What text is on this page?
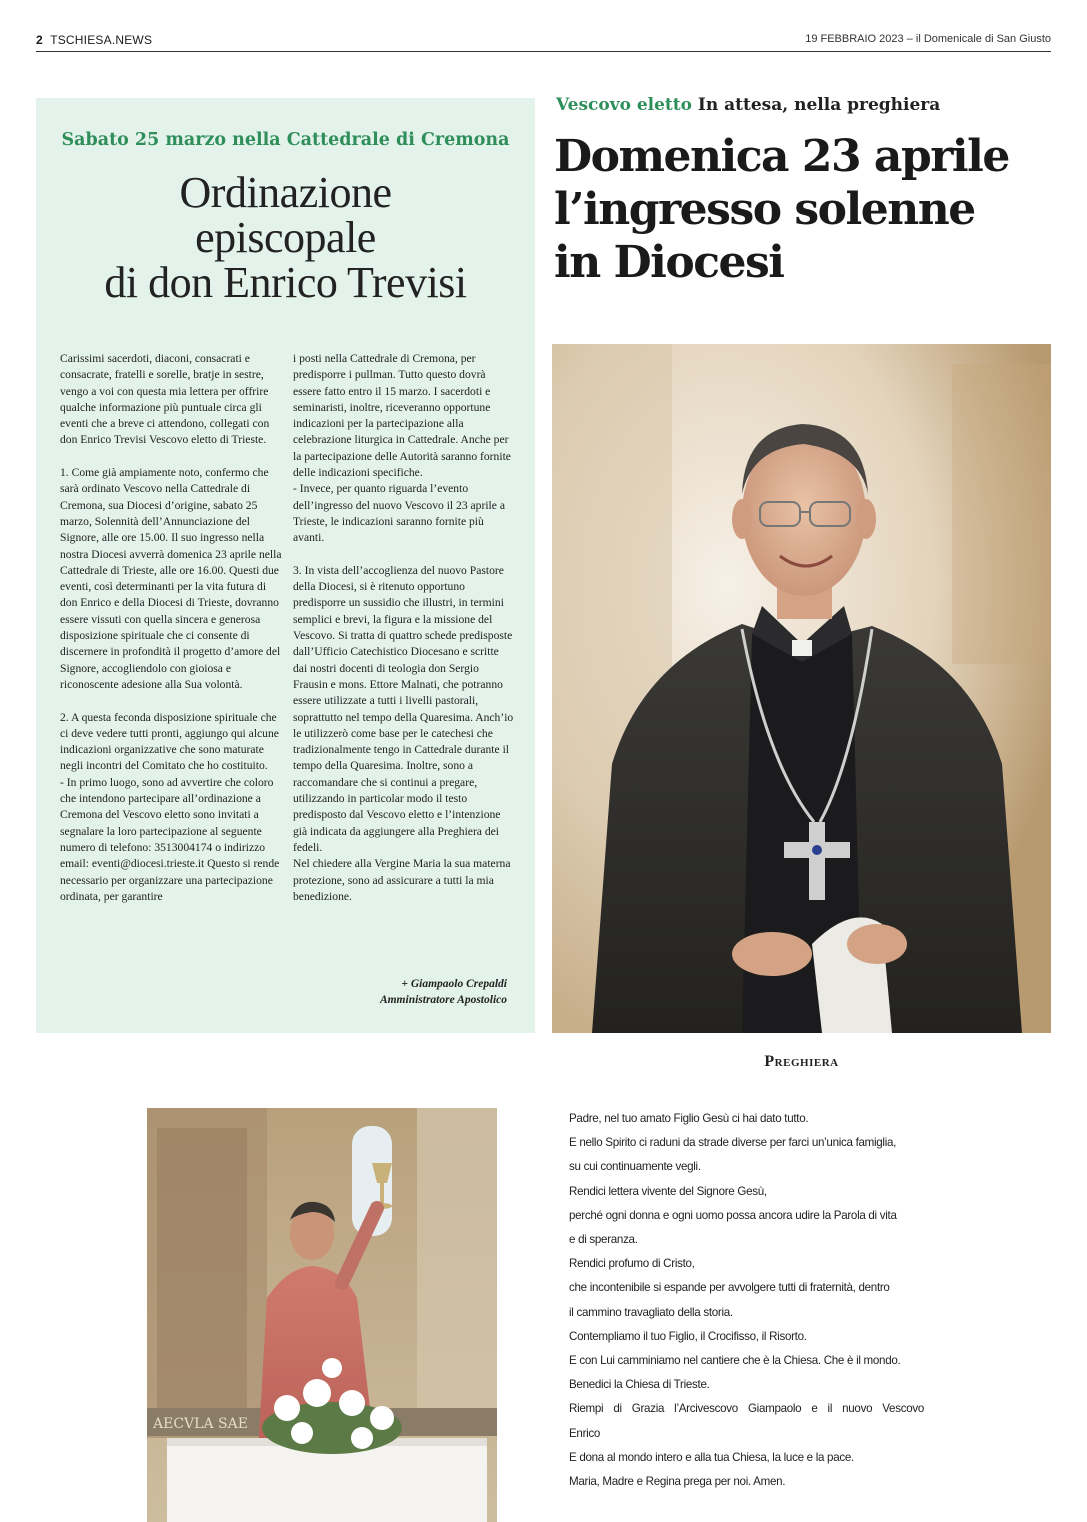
2 TSCHIESA.NEWS	19 FEBBRAIO 2023 – il Domenicale di San Giusto
Sabato 25 marzo nella Cattedrale di Cremona
Ordinazione
episcopale
di don Enrico Trevisi

Carissimi sacerdoti, diaconi, consacrati e consacrate, fratelli e sorelle, bratje in sestre, vengo a voi con questa mia lettera per offrire qualche informazione più puntuale circa gli eventi che a breve ci attendono, collegati con don Enrico Trevisi Vescovo eletto di Trieste.

1. Come già ampiamente noto, confermo che sarà ordinato Vescovo nella Cattedrale di Cremona, sua Diocesi d’origine, sabato 25 marzo, Solennità dell’Annunciazione del Signore, alle ore 15.00. Il suo ingresso nella nostra Diocesi avverrà domenica 23 aprile nella Cattedrale di Trieste, alle ore 16.00. Questi due eventi, così determinanti per la vita futura di don Enrico e della Diocesi di Trieste, dovranno essere vissuti con quella sincera e generosa disposizione spirituale che ci consente di discernere in profondità il progetto d’amore del Signore, accogliendolo con gioiosa e riconoscente adesione alla Sua volontà.

2. A questa feconda disposizione spirituale che ci deve vedere tutti pronti, aggiungo qui alcune indicazioni organizzative che sono maturate negli incontri del Comitato che ho costituito.
- In primo luogo, sono ad avvertire che coloro che intendono partecipare all’ordinazione a Cremona del Vescovo eletto sono invitati a segnalare la loro partecipazione al seguente numero di telefono: 3513004174 o indirizzo email: eventi@diocesi.trieste.it Questo si rende necessario per organizzare una partecipazione ordinata, per garantire

i posti nella Cattedrale di Cremona, per predisporre i pullman. Tutto questo dovrà essere fatto entro il 15 marzo. I sacerdoti e seminaristi, inoltre, riceveranno opportune indicazioni per la partecipazione alla celebrazione liturgica in Cattedrale. Anche per la partecipazione delle Autorità saranno fornite delle indicazioni specifiche.
- Invece, per quanto riguarda l’evento dell’ingresso del nuovo Vescovo il 23 aprile a Trieste, le indicazioni saranno fornite più avanti.

3. In vista dell’accoglienza del nuovo Pastore della Diocesi, si è ritenuto opportuno predisporre un sussidio che illustri, in termini semplici e brevi, la figura e la missione del Vescovo. Si tratta di quattro schede predisposte dall’Ufficio Catechistico Diocesano e scritte dai nostri docenti di teologia don Sergio Frausin e mons. Ettore Malnati, che potranno essere utilizzate a tutti i livelli pastorali, soprattutto nel tempo della Quaresima. Anch’io le utilizzerò come base per le catechesi che tradizionalmente tengo in Cattedrale durante il tempo della Quaresima. Inoltre, sono a raccomandare che si continui a pregare, utilizzando in particolar modo il testo predisposto dal Vescovo eletto e l’intenzione già indicata da aggiungere alla Preghiera dei fedeli.
Nel chiedere alla Vergine Maria la sua materna protezione, sono ad assicurare a tutti la mia benedizione.

+ Giampaolo Crepaldi
Amministratore Apostolico
Vescovo eletto In attesa, nella preghiera
Domenica 23 aprile
l’ingresso solenne
in Diocesi
Preghiera
Padre, nel tuo amato Figlio Gesù ci hai dato tutto.
E nello Spirito ci raduni da strade diverse per farci un’unica famiglia,
su cui continuamente vegli.
Rendici lettera vivente del Signore Gesù,
perché ogni donna e ogni uomo possa ancora udire la Parola di vita
e di speranza.
Rendici profumo di Cristo,
che incontenibile si espande per avvolgere tutti di fraternità, dentro
il cammino travagliato della storia.
Contempliamo il tuo Figlio, il Crocifisso, il Risorto.
E con Lui camminiamo nel cantiere che è la Chiesa. Che è il mondo.
Benedici la Chiesa di Trieste.
Riempi di Grazia l’Arcivescovo Giampaolo e il nuovo Vescovo
Enrico
E dona al mondo intero e alla tua Chiesa, la luce e la pace.
Maria, Madre e Regina prega per noi. Amen.
AECVLA SAE
